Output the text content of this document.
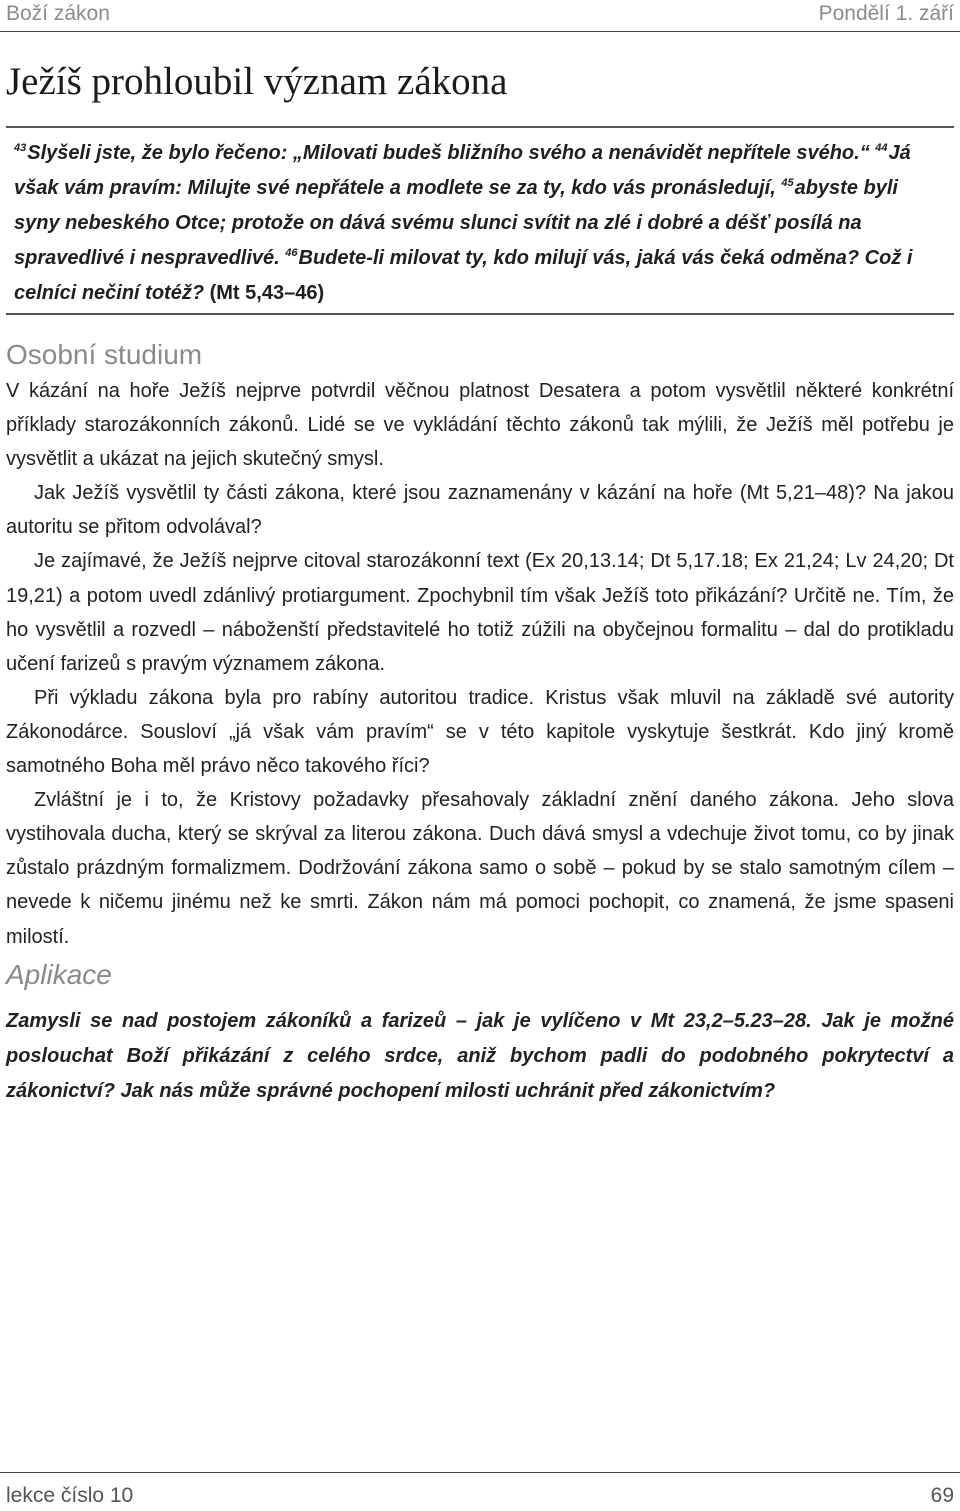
Boží zákon	Pondělí 1. září
Ježíš prohloubil význam zákona

$^{43}$Slyšeli jste, že bylo řečeno: „Milovati budeš bližního svého a nenávidět nepřítele svého.“ $^{44}$Já však vám pravím: Milujte své nepřátele a modlete se za ty, kdo vás pronásledují, $^{45}$abyste byli syny nebeského Otce; protože on dává svému slunci svítit na zlé i dobré a déšť posílá na spravedlivé i nespravedlivé. $^{46}$Budete-li milovat ty, kdo milují vás, jaká vás čeká odměna? Což i celníci nečiní totéž? (Mt 5,43–46)

Osobní studium

V kázání na hoře Ježíš nejprve potvrdil věčnou platnost Desatera a potom vysvětlil některé konkrétní příklady starozákonních zákonů. Lidé se ve vykládání těchto zákonů tak mýlili, že Ježíš měl potřebu je vysvětlit a ukázat na jejich skutečný smysl.

Jak Ježíš vysvětlil ty části zákona, které jsou zaznamenány v kázání na hoře (Mt 5,21–48)? Na jakou autoritu se přitom odvolával?

Je zajímavé, že Ježíš nejprve citoval starozákonní text (Ex 20,13.14; Dt 5,17.18; Ex 21,24; Lv 24,20; Dt 19,21) a potom uvedl zdánlivý protiargument. Zpochybnil tím však Ježíš toto přikázání? Určitě ne. Tím, že ho vysvětlil a rozvedl – náboženští představitelé ho totiž zúžili na obyčejnou formalitu – dal do protikladu učení farizeů s pravým významem zákona.

Při výkladu zákona byla pro rabíny autoritou tradice. Kristus však mluvil na základě své autority Zákonodárce. Sousloví „já však vám pravím“ se v této kapitole vyskytuje šestkrát. Kdo jiný kromě samotného Boha měl právo něco takového říci?

Zvláštní je i to, že Kristovy požadavky přesahovaly základní znění daného zákona. Jeho slova vystihovala ducha, který se skrýval za literou zákona. Duch dává smysl a vdechuje život tomu, co by jinak zůstalo prázdným formalizmem. Dodržování zákona samo o sobě – pokud by se stalo samotným cílem – nevede k ničemu jinému než ke smrti. Zákon nám má pomoci pochopit, co znamená, že jsme spaseni milostí.

Aplikace

Zamysli se nad postojem zákoníků a farizeů – jak je vylíčeno v Mt 23,2–5.23–28. Jak je možné poslouchat Boží přikázání z celého srdce, aniž bychom padli do podobného pokrytectví a zákonictví? Jak nás může správné pochopení milosti uchránit před zákonictvím?

lekce číslo 10	69
